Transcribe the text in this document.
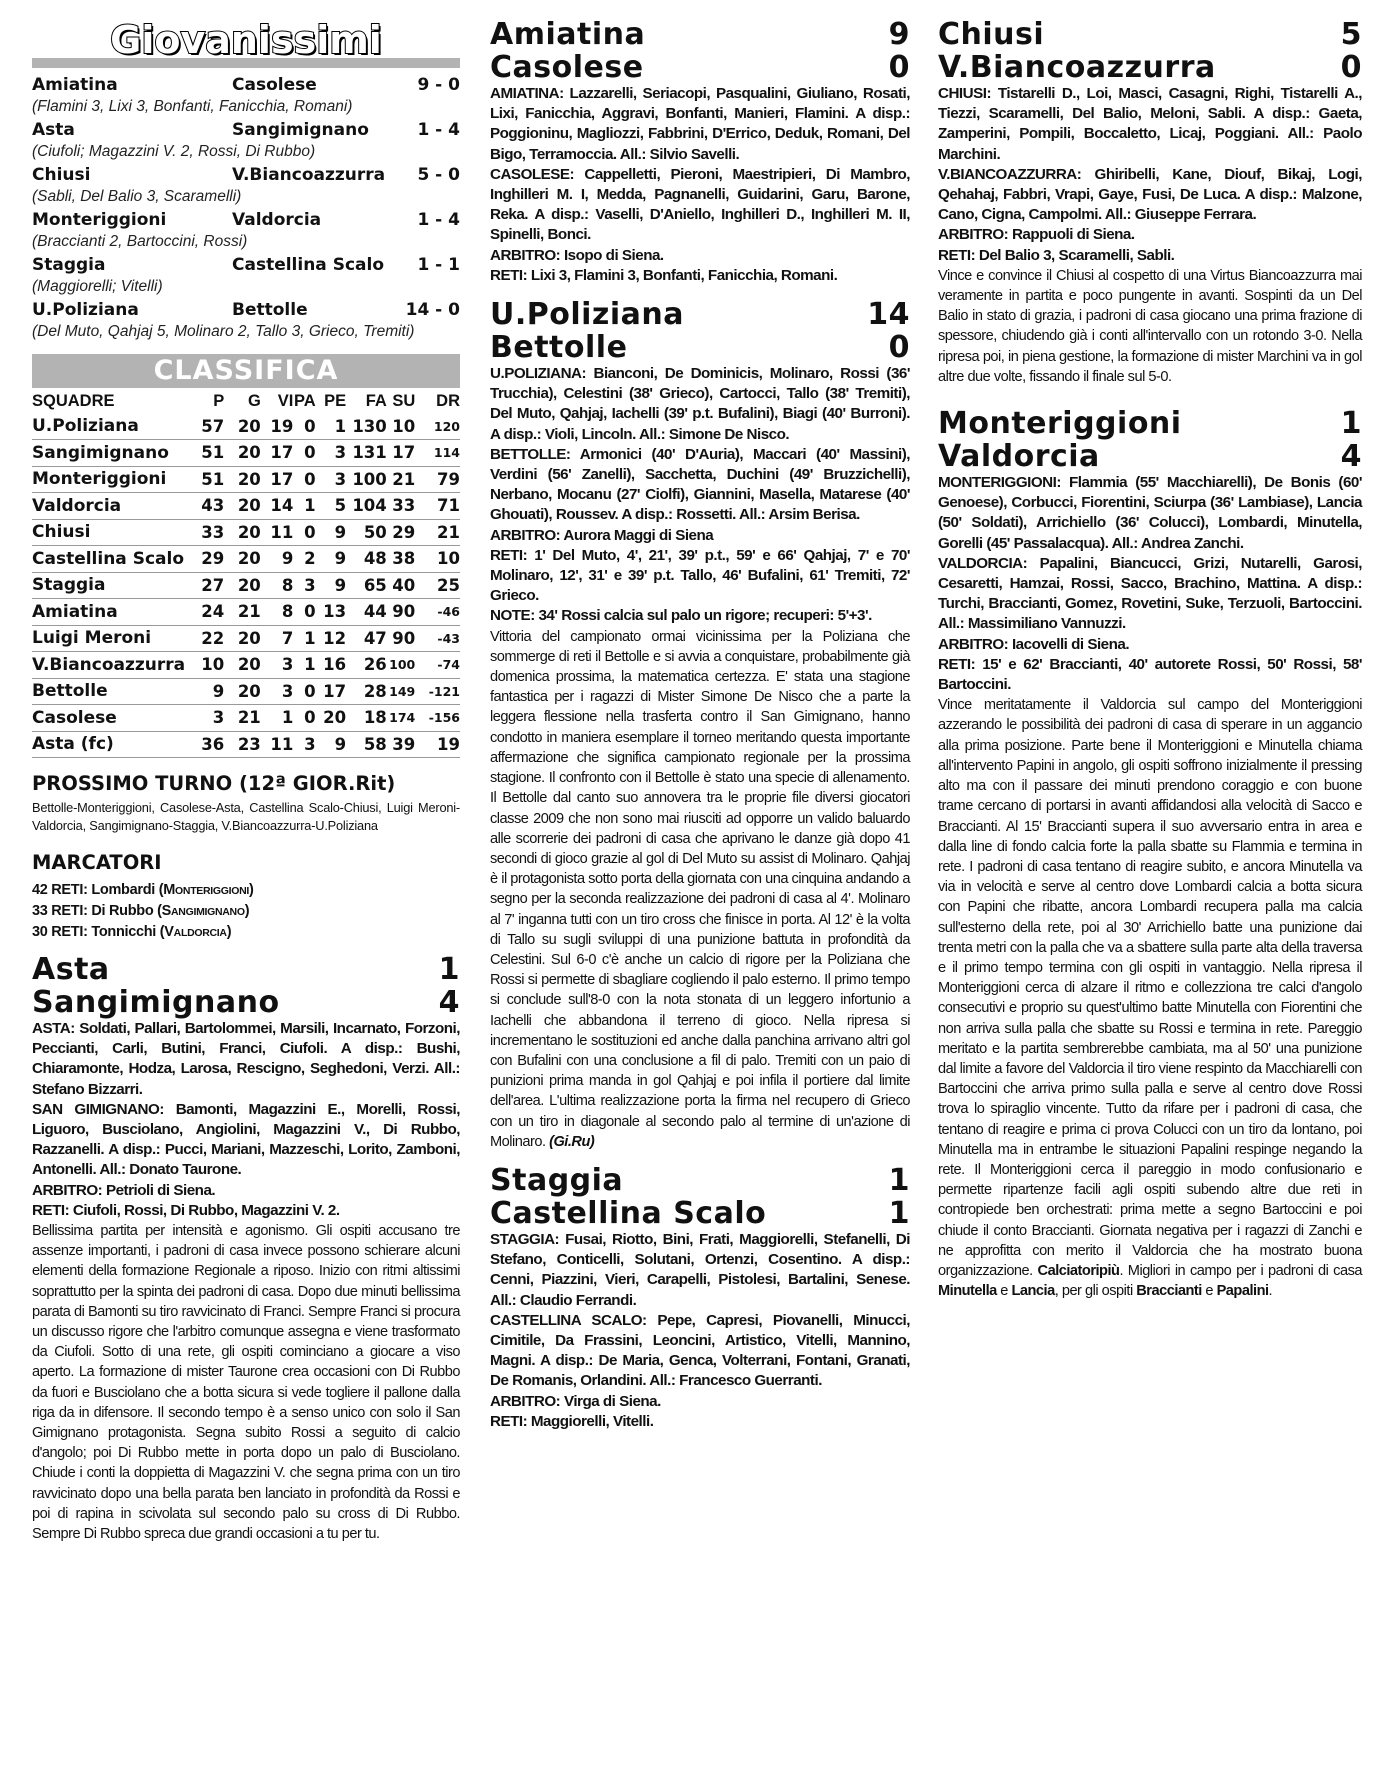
Giovanissimi
Amiatina	Casolese	9 - 0
(Flamini 3, Lixi 3, Bonfanti, Fanicchia, Romani)
Asta	Sangimignano	1 - 4
(Ciufoli; Magazzini V. 2, Rossi, Di Rubbo)
Chiusi	V.Biancoazzurra	5 - 0
(Sabli, Del Balio 3, Scaramelli)
Monteriggioni	Valdorcia	1 - 4
(Braccianti 2, Bartoccini, Rossi)
Staggia	Castellina Scalo	1 - 1
(Maggiorelli; Vitelli)
U.Poliziana	Bettolle	14 - 0
(Del Muto, Qahjaj 5, Molinaro 2, Tallo 3, Grieco, Tremiti)
CLASSIFICA
SQUADRE	P	G	VI	PA	PE	FA	SU	DR
U.Poliziana	57	20	19	0	1	130	10	120
Sangimignano	51	20	17	0	3	131	17	114
Monteriggioni	51	20	17	0	3	100	21	79
Valdorcia	43	20	14	1	5	104	33	71
Chiusi	33	20	11	0	9	50	29	21
Castellina Scalo	29	20	9	2	9	48	38	10
Staggia	27	20	8	3	9	65	40	25
Amiatina	24	21	8	0	13	44	90	-46
Luigi Meroni	22	20	7	1	12	47	90	-43
V.Biancoazzurra	10	20	3	1	16	26	100	-74
Bettolle	9	20	3	0	17	28	149	-121
Casolese	3	21	1	0	20	18	174	-156
Asta (fc)	36	23	11	3	9	58	39	19
PROSSIMO TURNO (12ª GIOR.Rit)
Bettolle-Monteriggioni, Casolese-Asta, Castellina Scalo-Chiusi, Luigi Meroni-Valdorcia, Sangimignano-Staggia, V.Biancoazzurra-U.Poliziana
MARCATORI
42 RETI: Lombardi (MONTERIGGIONI)
33 RETI: Di Rubbo (SANGIMIGNANO)
30 RETI: Tonnicchi (VALDORCIA)
Asta	1
Sangimignano	4
ASTA: Soldati, Pallari, Bartolommei, Marsili, Incarnato, Forzoni, Peccianti, Carli, Butini, Franci, Ciufoli. A disp.: Bushi, Chiaramonte, Hodza, Larosa, Rescigno, Seghedoni, Verzi. All.: Stefano Bizzarri.
SAN GIMIGNANO: Bamonti, Magazzini E., Morelli, Rossi, Liguoro, Busciolano, Angiolini, Magazzini V., Di Rubbo, Razzanelli. A disp.: Pucci, Mariani, Mazzeschi, Lorito, Zamboni, Antonelli. All.: Donato Taurone.
ARBITRO: Petrioli di Siena.
RETI: Ciufoli, Rossi, Di Rubbo, Magazzini V. 2.
Bellissima partita per intensità e agonismo. Gli ospiti accusano tre assenze importanti, i padroni di casa invece possono schierare alcuni elementi della formazione Regionale a riposo. Inizio con ritmi altissimi soprattutto per la spinta dei padroni di casa. Dopo due minuti bellissima parata di Bamonti su tiro ravvicinato di Franci. Sempre Franci si procura un discusso rigore che l'arbitro comunque assegna e viene trasformato da Ciufoli. Sotto di una rete, gli ospiti cominciano a giocare a viso aperto. La formazione di mister Taurone crea occasioni con Di Rubbo da fuori e Busciolano che a botta sicura si vede togliere il pallone dalla riga da in difensore. Il secondo tempo è a senso unico con solo il San Gimignano protagonista. Segna subito Rossi a seguito di calcio d'angolo; poi Di Rubbo mette in porta dopo un palo di Busciolano. Chiude i conti la doppietta di Magazzini V. che segna prima con un tiro ravvicinato dopo una bella parata ben lanciato in profondità da Rossi e poi di rapina in scivolata sul secondo palo su cross di Di Rubbo. Sempre Di Rubbo spreca due grandi occasioni a tu per tu.
Amiatina	9
Casolese	0
AMIATINA: Lazzarelli, Seriacopi, Pasqualini, Giuliano, Rosati, Lixi, Fanicchia, Aggravi, Bonfanti, Manieri, Flamini. A disp.: Poggioninu, Magliozzi, Fabbrini, D'Errico, Deduk, Romani, Del Bigo, Terramoccia. All.: Silvio Savelli.
CASOLESE: Cappelletti, Pieroni, Maestripieri, Di Mambro, Inghilleri M. I, Medda, Pagnanelli, Guidarini, Garu, Barone, Reka. A disp.: Vaselli, D'Aniello, Inghilleri D., Inghilleri M. II, Spinelli, Bonci.
ARBITRO: Isopo di Siena.
RETI: Lixi 3, Flamini 3, Bonfanti, Fanicchia, Romani.
U.Poliziana	14
Bettolle	0
U.POLIZIANA: Bianconi, De Dominicis, Molinaro, Rossi (36' Trucchia), Celestini (38' Grieco), Cartocci, Tallo (38' Tremiti), Del Muto, Qahjaj, Iachelli (39' p.t. Bufalini), Biagi (40' Burroni). A disp.: Violi, Lincoln. All.: Simone De Nisco.
BETTOLLE: Armonici (40' D'Auria), Maccari (40' Massini), Verdini (56' Zanelli), Sacchetta, Duchini (49' Bruzzichelli), Nerbano, Mocanu (27' Ciolfi), Giannini, Masella, Matarese (40' Ghouati), Roussev. A disp.: Rossetti. All.: Arsim Berisa.
ARBITRO: Aurora Maggi di Siena
RETI: 1' Del Muto, 4', 21', 39' p.t., 59' e 66' Qahjaj, 7' e 70' Molinaro, 12', 31' e 39' p.t. Tallo, 46' Bufalini, 61' Tremiti, 72' Grieco.
NOTE: 34' Rossi calcia sul palo un rigore; recuperi: 5'+3'.
Vittoria del campionato ormai vicinissima per la Poliziana che sommerge di reti il Bettolle e si avvia a conquistare, probabilmente già domenica prossima, la matematica certezza. E' stata una stagione fantastica per i ragazzi di Mister Simone De Nisco che a parte la leggera flessione nella trasferta contro il San Gimignano, hanno condotto in maniera esemplare il torneo meritando questa importante affermazione che significa campionato regionale per la prossima stagione. Il confronto con il Bettolle è stato una specie di allenamento. Il Bettolle dal canto suo annovera tra le proprie file diversi giocatori classe 2009 che non sono mai riusciti ad opporre un valido baluardo alle scorrerie dei padroni di casa che aprivano le danze già dopo 41 secondi di gioco grazie al gol di Del Muto su assist di Molinaro. Qahjaj è il protagonista sotto porta della giornata con una cinquina andando a segno per la seconda realizzazione dei padroni di casa al 4'. Molinaro al 7' inganna tutti con un tiro cross che finisce in porta. Al 12' è la volta di Tallo su sugli sviluppi di una punizione battuta in profondità da Celestini. Sul 6-0 c'è anche un calcio di rigore per la Poliziana che Rossi si permette di sbagliare cogliendo il palo esterno. Il primo tempo si conclude sull'8-0 con la nota stonata di un leggero infortunio a Iachelli che abbandona il terreno di gioco. Nella ripresa si incrementano le sostituzioni ed anche dalla panchina arrivano altri gol con Bufalini con una conclusione a fil di palo. Tremiti con un paio di punizioni prima manda in gol Qahjaj e poi infila il portiere dal limite dell'area. L'ultima realizzazione porta la firma nel recupero di Grieco con un tiro in diagonale al secondo palo al termine di un'azione di Molinaro. (Gi.Ru)
Staggia	1
Castellina Scalo	1
STAGGIA: Fusai, Riotto, Bini, Frati, Maggiorelli, Stefanelli, Di Stefano, Conticelli, Solutani, Ortenzi, Cosentino. A disp.: Cenni, Piazzini, Vieri, Carapelli, Pistolesi, Bartalini, Senese. All.: Claudio Ferrandi.
CASTELLINA SCALO: Pepe, Capresi, Piovanelli, Minucci, Cimitile, Da Frassini, Leoncini, Artistico, Vitelli, Mannino, Magni. A disp.: De Maria, Genca, Volterrani, Fontani, Granati, De Romanis, Orlandini. All.: Francesco Guerranti.
ARBITRO: Virga di Siena.
RETI: Maggiorelli, Vitelli.
Chiusi	5
V.Biancoazzurra	0
CHIUSI: Tistarelli D., Loi, Masci, Casagni, Righi, Tistarelli A., Tiezzi, Scaramelli, Del Balio, Meloni, Sabli. A disp.: Gaeta, Zamperini, Pompili, Boccaletto, Licaj, Poggiani. All.: Paolo Marchini.
V.BIANCOAZZURRA: Ghiribelli, Kane, Diouf, Bikaj, Logi, Qehahaj, Fabbri, Vrapi, Gaye, Fusi, De Luca. A disp.: Malzone, Cano, Cigna, Campolmi. All.: Giuseppe Ferrara.
ARBITRO: Rappuoli di Siena.
RETI: Del Balio 3, Scaramelli, Sabli.
Vince e convince il Chiusi al cospetto di una Virtus Biancoazzurra mai veramente in partita e poco pungente in avanti. Sospinti da un Del Balio in stato di grazia, i padroni di casa giocano una prima frazione di spessore, chiudendo già i conti all'intervallo con un rotondo 3-0. Nella ripresa poi, in piena gestione, la formazione di mister Marchini va in gol altre due volte, fissando il finale sul 5-0.
Monteriggioni	1
Valdorcia	4
MONTERIGGIONI: Flammia (55' Macchiarelli), De Bonis (60' Genoese), Corbucci, Fiorentini, Sciurpa (36' Lambiase), Lancia (50' Soldati), Arrichiello (36' Colucci), Lombardi, Minutella, Gorelli (45' Passalacqua). All.: Andrea Zanchi.
VALDORCIA: Papalini, Biancucci, Grizi, Nutarelli, Garosi, Cesaretti, Hamzai, Rossi, Sacco, Brachino, Mattina. A disp.: Turchi, Braccianti, Gomez, Rovetini, Suke, Terzuoli, Bartoccini. All.: Massimiliano Vannuzzi.
ARBITRO: Iacovelli di Siena.
RETI: 15' e 62' Braccianti, 40' autorete Rossi, 50' Rossi, 58' Bartoccini.
Vince meritatamente il Valdorcia sul campo del Monteriggioni azzerando le possibilità dei padroni di casa di sperare in un aggancio alla prima posizione. Parte bene il Monteriggioni e Minutella chiama all'intervento Papini in angolo, gli ospiti soffrono inizialmente il pressing alto ma con il passare dei minuti prendono coraggio e con buone trame cercano di portarsi in avanti affidandosi alla velocità di Sacco e Braccianti. Al 15' Braccianti supera il suo avversario entra in area e dalla line di fondo calcia forte la palla sbatte su Flammia e termina in rete. I padroni di casa tentano di reagire subito, e ancora Minutella va via in velocità e serve al centro dove Lombardi calcia a botta sicura con Papini che ribatte, ancora Lombardi recupera palla ma calcia sull'esterno della rete, poi al 30' Arrichiello batte una punizione dai trenta metri con la palla che va a sbattere sulla parte alta della traversa e il primo tempo termina con gli ospiti in vantaggio. Nella ripresa il Monteriggioni cerca di alzare il ritmo e collezziona tre calci d'angolo consecutivi e proprio su quest'ultimo batte Minutella con Fiorentini che non arriva sulla palla che sbatte su Rossi e termina in rete. Pareggio meritato e la partita sembrerebbe cambiata, ma al 50' una punizione dal limite a favore del Valdorcia il tiro viene respinto da Macchiarelli con Bartoccini che arriva primo sulla palla e serve al centro dove Rossi trova lo spiraglio vincente. Tutto da rifare per i padroni di casa, che tentano di reagire e prima ci prova Colucci con un tiro da lontano, poi Minutella ma in entrambe le situazioni Papalini respinge negando la rete. Il Monteriggioni cerca il pareggio in modo confusionario e permette ripartenze facili agli ospiti subendo altre due reti in contropiede ben orchestrati: prima mette a segno Bartoccini e poi chiude il conto Braccianti. Giornata negativa per i ragazzi di Zanchi e ne approfitta con merito il Valdorcia che ha mostrato buona organizzazione. Calciatoripiù. Migliori in campo per i padroni di casa Minutella e Lancia, per gli ospiti Braccianti e Papalini.
